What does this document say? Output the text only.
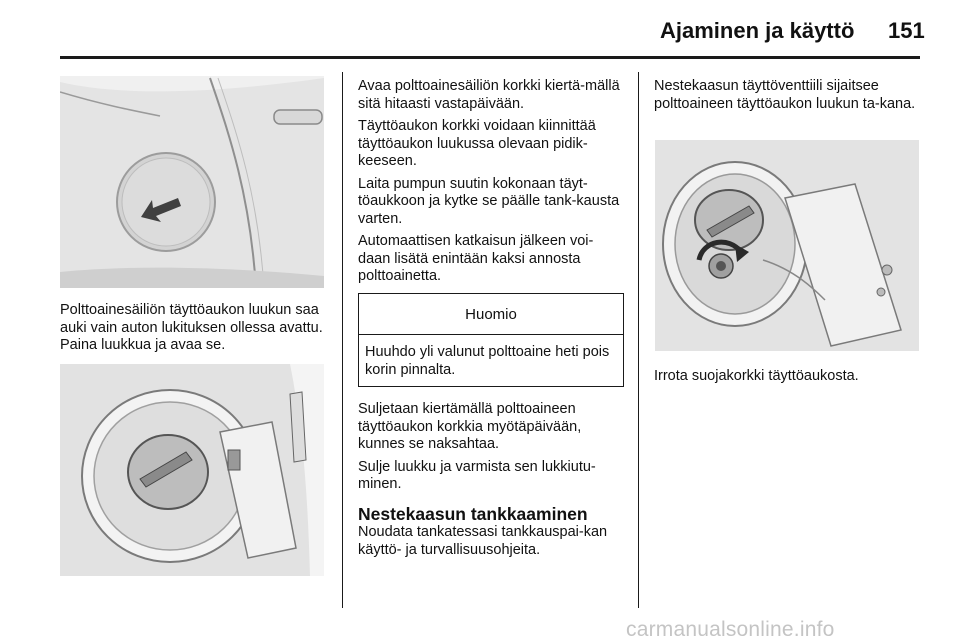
Ajaminen ja käyttö 151

Polttoainesäiliön täyttöaukon luukun saa auki vain auton lukituksen ollessa avattu. Paina luukkua ja avaa se.

Avaa polttoainesäiliön korkki kiertä-mällä sitä hitaasti vastapäivään.

Täyttöaukon korkki voidaan kiinnittää täyttöaukon luukussa olevaan pidik-keeseen.

Laita pumpun suutin kokonaan täyt-töaukkoon ja kytke se päälle tank-kausta varten.

Automaattisen katkaisun jälkeen voi-daan lisätä enintään kaksi annosta polttoainetta.

Huomio
Huuhdo yli valunut polttoaine heti pois korin pinnalta.

Suljetaan kiertämällä polttoaineen täyttöaukon korkkia myötäpäivään, kunnes se naksahtaa.

Sulje luukku ja varmista sen lukkiutu-minen.

Nestekaasun tankkaaminen

Noudata tankatessasi tankkauspai-kan käyttö- ja turvallisuusohjeita.

Nestekaasun täyttöventtiili sijaitsee polttoaineen täyttöaukon luukun ta-kana.

Irrota suojakorkki täyttöaukosta.

carmanualsonline.info
